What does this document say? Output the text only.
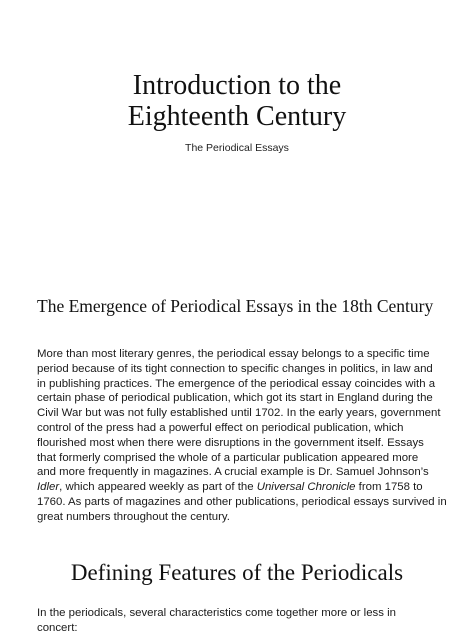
Introduction to the
Eighteenth Century
The Periodical Essays
The Emergence of Periodical Essays in the 18th Century
More than most literary genres, the periodical essay belongs to a specific time
period because of its tight connection to specific changes in politics, in law and
in publishing practices. The emergence of the periodical essay coincides with a
certain phase of periodical publication, which got its start in England during the
Civil War but was not fully established until 1702. In the early years, government
control of the press had a powerful effect on periodical publication, which
flourished most when there were disruptions in the government itself. Essays
that formerly comprised the whole of a particular publication appeared more
and more frequently in magazines. A crucial example is Dr. Samuel Johnson’s
Idler, which appeared weekly as part of the Universal Chronicle from 1758 to
1760. As parts of magazines and other publications, periodical essays survived in
great numbers throughout the century.
Defining Features of the Periodicals
In the periodicals, several characteristics come together more or less in
concert:
